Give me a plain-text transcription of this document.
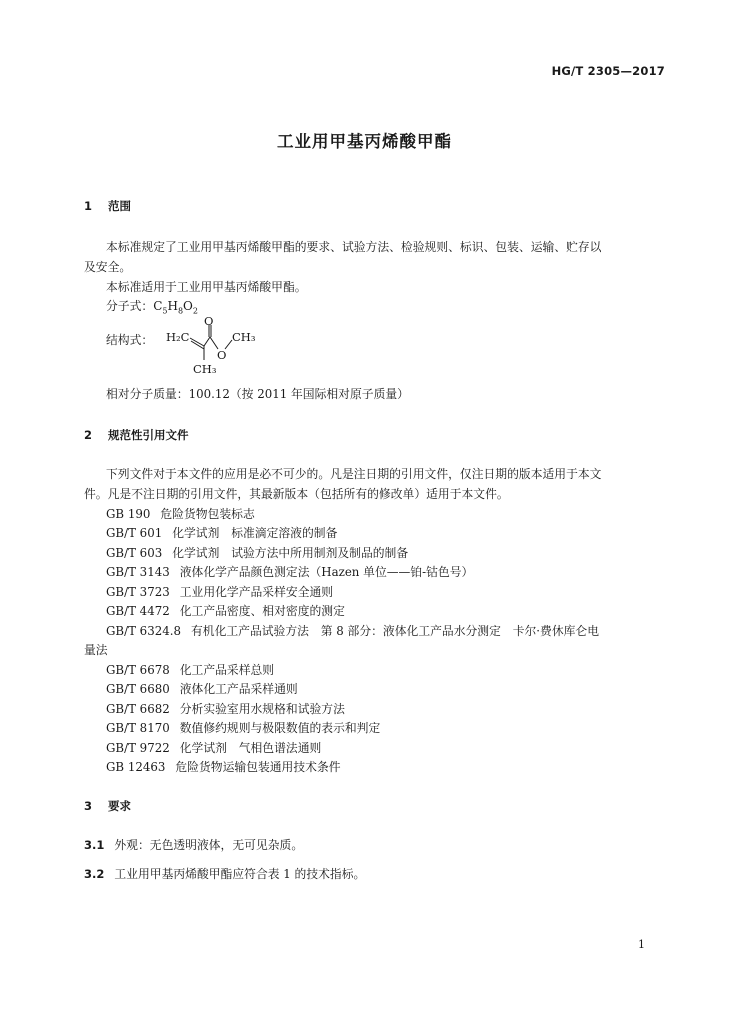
HG/T 2305—2017
工业用甲基丙烯酸甲酯
1 范围
本标准规定了工业用甲基丙烯酸甲酯的要求、试验方法、检验规则、标识、包装、运输、贮存以
及安全。
本标准适用于工业用甲基丙烯酸甲酯。
分子式：$C_5H_8O_2$
结构式： H₂C
O
O
CH₃
CH₃
相对分子质量：100.12（按 2011 年国际相对原子质量）
2 规范性引用文件
下列文件对于本文件的应用是必不可少的。凡是注日期的引用文件，仅注日期的版本适用于本文
件。凡是不注日期的引用文件，其最新版本（包括所有的修改单）适用于本文件。
GB 190 危险货物包装标志
GB/T 601 化学试剂　标准滴定溶液的制备
GB/T 603 化学试剂　试验方法中所用制剂及制品的制备
GB/T 3143 液体化学产品颜色测定法（Hazen 单位——铂-钴色号）
GB/T 3723 工业用化学产品采样安全通则
GB/T 4472 化工产品密度、相对密度的测定
GB/T 6324.8 有机化工产品试验方法　第 8 部分：液体化工产品水分测定　卡尔·费休库仑电
量法
GB/T 6678 化工产品采样总则
GB/T 6680 液体化工产品采样通则
GB/T 6682 分析实验室用水规格和试验方法
GB/T 8170 数值修约规则与极限数值的表示和判定
GB/T 9722 化学试剂　气相色谱法通则
GB 12463 危险货物运输包装通用技术条件
3 要求
3.1 外观：无色透明液体，无可见杂质。
3.2 工业用甲基丙烯酸甲酯应符合表 1 的技术指标。
1
